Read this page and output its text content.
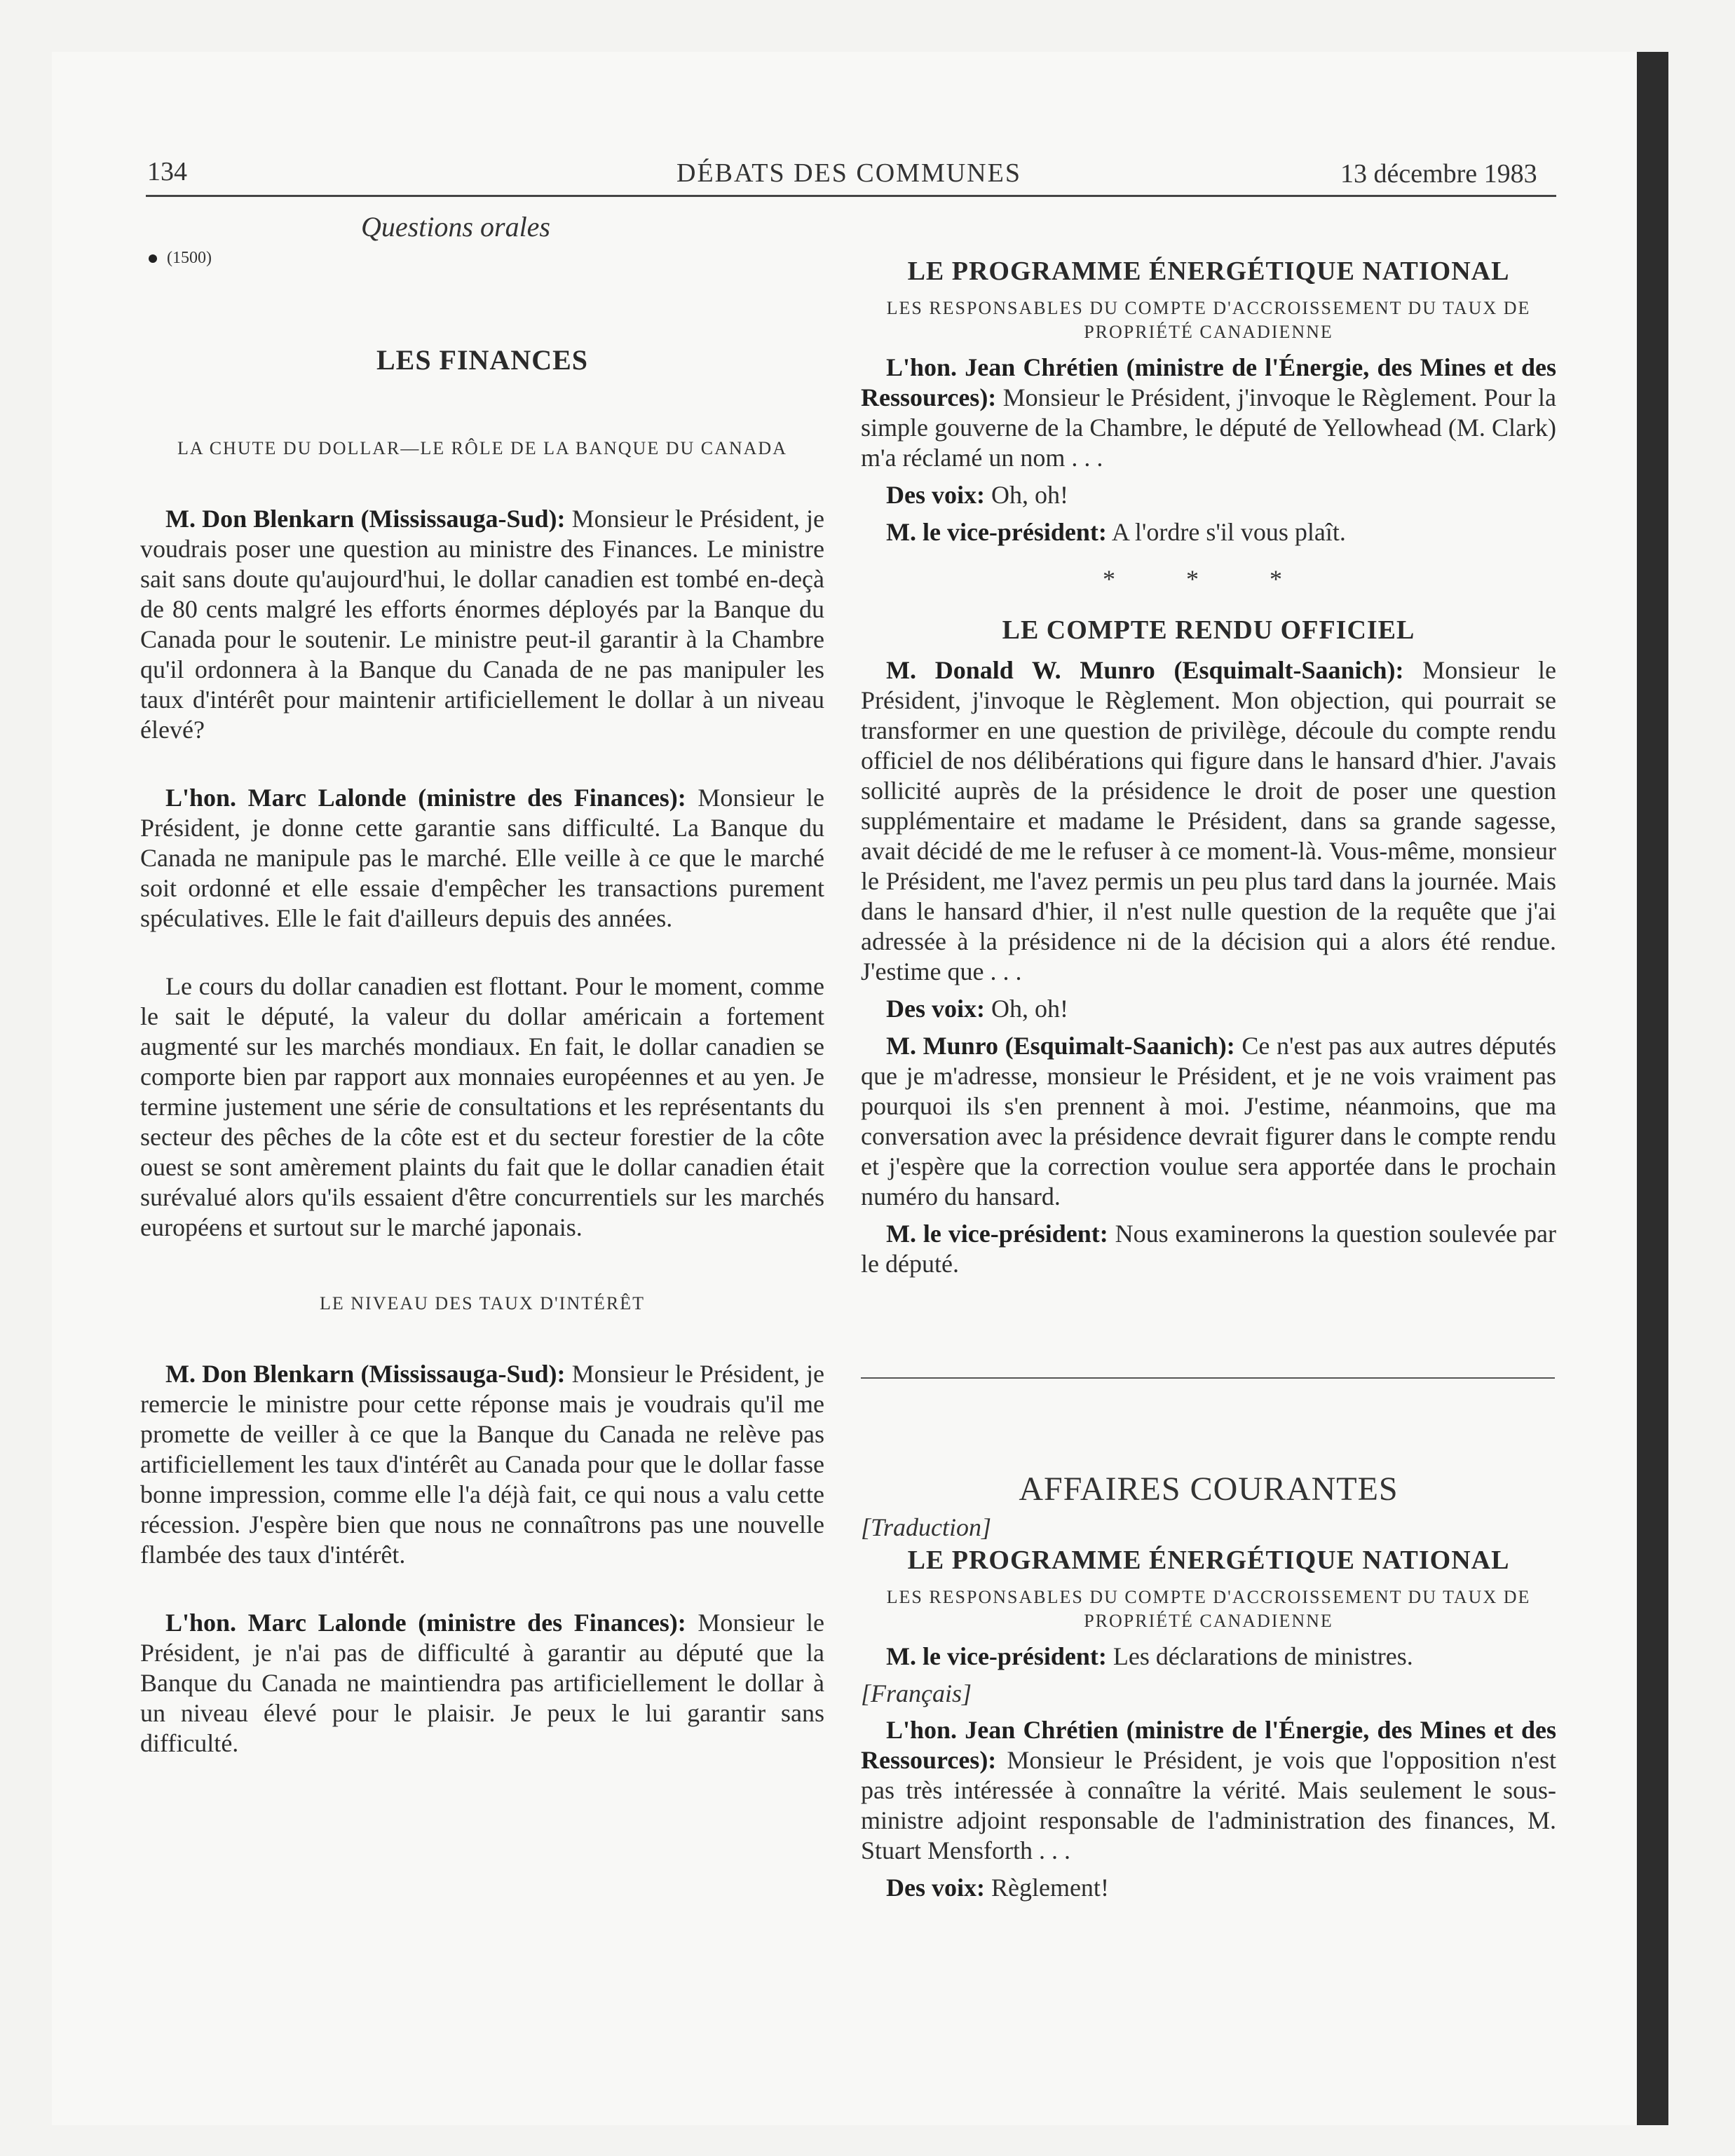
134	DÉBATS DES COMMUNES	13 décembre 1983
Questions orales
(1500)
LES FINANCES
LA CHUTE DU DOLLAR—LE RÔLE DE LA BANQUE DU CANADA

M. Don Blenkarn (Mississauga-Sud): Monsieur le Président, je voudrais poser une question au ministre des Finances. Le ministre sait sans doute qu'aujourd'hui, le dollar canadien est tombé en-deçà de 80 cents malgré les efforts énormes déployés par la Banque du Canada pour le soutenir. Le ministre peut-il garantir à la Chambre qu'il ordonnera à la Banque du Canada de ne pas manipuler les taux d'intérêt pour maintenir artificiellement le dollar à un niveau élevé?

L'hon. Marc Lalonde (ministre des Finances): Monsieur le Président, je donne cette garantie sans difficulté. La Banque du Canada ne manipule pas le marché. Elle veille à ce que le marché soit ordonné et elle essaie d'empêcher les transactions purement spéculatives. Elle le fait d'ailleurs depuis des années.

Le cours du dollar canadien est flottant. Pour le moment, comme le sait le député, la valeur du dollar américain a fortement augmenté sur les marchés mondiaux. En fait, le dollar canadien se comporte bien par rapport aux monnaies européennes et au yen. Je termine justement une série de consultations et les représentants du secteur des pêches de la côte est et du secteur forestier de la côte ouest se sont amèrement plaints du fait que le dollar canadien était surévalué alors qu'ils essaient d'être concurrentiels sur les marchés européens et surtout sur le marché japonais.

LE NIVEAU DES TAUX D'INTÉRÊT

M. Don Blenkarn (Mississauga-Sud): Monsieur le Président, je remercie le ministre pour cette réponse mais je voudrais qu'il me promette de veiller à ce que la Banque du Canada ne relève pas artificiellement les taux d'intérêt au Canada pour que le dollar fasse bonne impression, comme elle l'a déjà fait, ce qui nous a valu cette récession. J'espère bien que nous ne connaîtrons pas une nouvelle flambée des taux d'intérêt.

L'hon. Marc Lalonde (ministre des Finances): Monsieur le Président, je n'ai pas de difficulté à garantir au député que la Banque du Canada ne maintiendra pas artificiellement le dollar à un niveau élevé pour le plaisir. Je peux le lui garantir sans difficulté.

LE PROGRAMME ÉNERGÉTIQUE NATIONAL
LES RESPONSABLES DU COMPTE D'ACCROISSEMENT DU TAUX DE PROPRIÉTÉ CANADIENNE

L'hon. Jean Chrétien (ministre de l'Énergie, des Mines et des Ressources): Monsieur le Président, j'invoque le Règlement. Pour la simple gouverne de la Chambre, le député de Yellowhead (M. Clark) m'a réclamé un nom . . .

Des voix: Oh, oh!

M. le vice-président: A l'ordre s'il vous plaît.

* * *
LE COMPTE RENDU OFFICIEL

M. Donald W. Munro (Esquimalt-Saanich): Monsieur le Président, j'invoque le Règlement. Mon objection, qui pourrait se transformer en une question de privilège, découle du compte rendu officiel de nos délibérations qui figure dans le hansard d'hier. J'avais sollicité auprès de la présidence le droit de poser une question supplémentaire et madame le Président, dans sa grande sagesse, avait décidé de me le refuser à ce moment-là. Vous-même, monsieur le Président, me l'avez permis un peu plus tard dans la journée. Mais dans le hansard d'hier, il n'est nulle question de la requête que j'ai adressée à la présidence ni de la décision qui a alors été rendue. J'estime que . . .

Des voix: Oh, oh!

M. Munro (Esquimalt-Saanich): Ce n'est pas aux autres députés que je m'adresse, monsieur le Président, et je ne vois vraiment pas pourquoi ils s'en prennent à moi. J'estime, néanmoins, que ma conversation avec la présidence devrait figurer dans le compte rendu et j'espère que la correction voulue sera apportée dans le prochain numéro du hansard.

M. le vice-président: Nous examinerons la question soulevée par le député.

AFFAIRES COURANTES
[Traduction]
LE PROGRAMME ÉNERGÉTIQUE NATIONAL
LES RESPONSABLES DU COMPTE D'ACCROISSEMENT DU TAUX DE PROPRIÉTÉ CANADIENNE

M. le vice-président: Les déclarations de ministres.

[Français]

L'hon. Jean Chrétien (ministre de l'Énergie, des Mines et des Ressources): Monsieur le Président, je vois que l'opposition n'est pas très intéressée à connaître la vérité. Mais seulement le sous-ministre adjoint responsable de l'administration des finances, M. Stuart Mensforth . . .

Des voix: Règlement!
